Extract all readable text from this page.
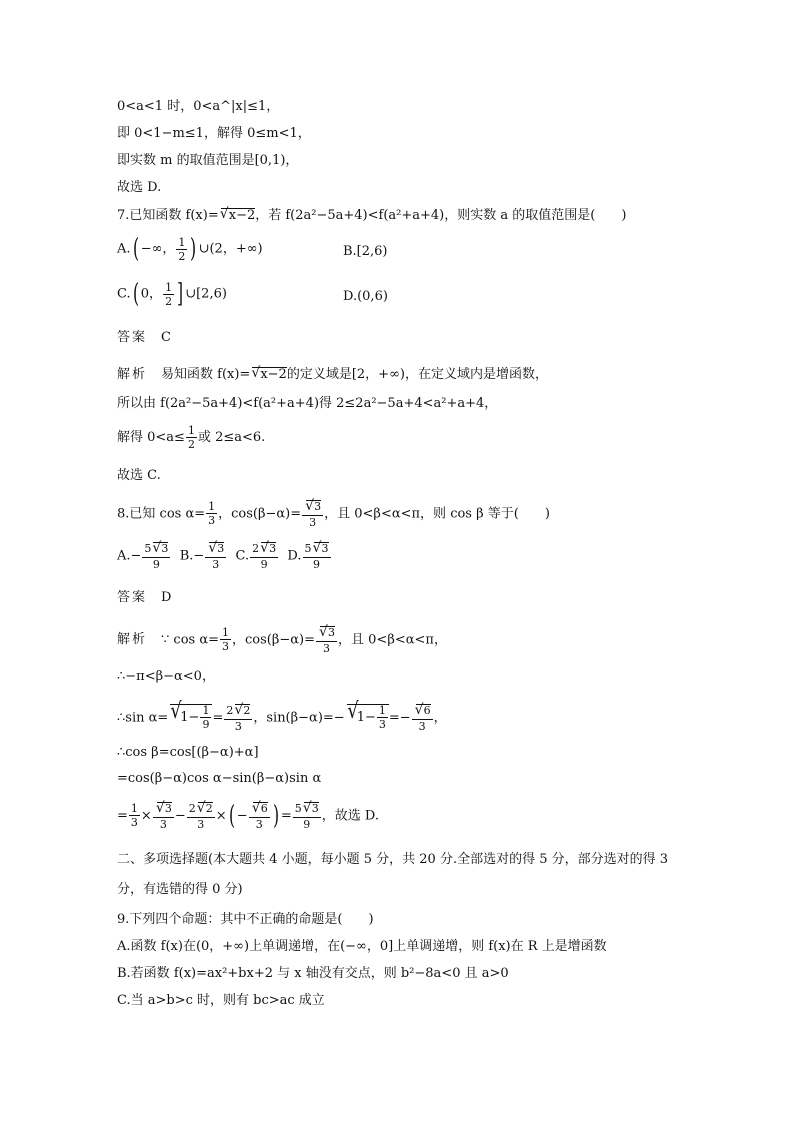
0<a<1 时，0<a^|x|≤1，
即 0<1−m≤1，解得 0≤m<1，
即实数 m 的取值范围是[0,1)，
故选 D.
7.已知函数 f(x)= √ x−2，若 f(2a²−5a+4)<f(a²+a+4)，则实数 a 的取值范围是(　　)
A.( −∞， $\frac{1}{2}$ ) ∪(2，+∞)	B.[2,6)
C.( 0， $\frac{1}{2}$ ] ∪[2,6)	D.(0,6)
答案 C
解析 易知函数 f(x)= √ x−2的定义域是[2，+∞)，在定义域内是增函数，
所以由 f(2a²−5a+4)<f(a²+a+4)得 2≤2a²−5a+4<a²+a+4，
解得 $0<a\le \frac{1}{2}$ 或 2≤a<6.
故选 C.
8.已知 $\cos \alpha= \frac{1}{3}$ ，cos(β−α)= √ $\frac{3}{3}$ ，且 0<β<α<π，则 cos β 等于(　　)
$A.- \frac{5 √ 3}{9} B.-$ √ $\frac{3}{3} C$. $\frac{2 √ 3}{9} D$. $\frac{5 √ 3}{9}$
答案 D
解析 ∵ $\cos \alpha= \frac{1}{3}$ ，cos(β−α)= √ $\frac{3}{3}$ ，且 0<β<α<π，
∴−π<β−α<0，
∴sin α= √ $1- \frac{1}{9} = \frac{2 √ 2}{3}$ ，sin(β−α)=− √ $1- \frac{1}{3}$ =− √ $\frac{6}{3}$ ，
∴cos β=cos[(β−α)+α]
=cos(β−α)cos α−sin(β−α)sin α
= $\frac{1}{3}$ × √ $\frac{3}{3} - \frac{2 √ 2}{3}$ ×( − √ $\frac{6}{3}$ ) = $\frac{5 √ 3}{9}$ ，故选 D.
二、多项选择题(本大题共 4 小题，每小题 5 分，共 20 分.全部选对的得 5 分，部分选对的得 3
分，有选错的得 0 分)
9.下列四个命题：其中不正确的命题是(　　)
A.函数 f(x)在(0，+∞)上单调递增，在(−∞，0]上单调递增，则 f(x)在 R 上是增函数
B.若函数 f(x)=ax²+bx+2 与 x 轴没有交点，则 b²−8a<0 且 a>0
C.当 a>b>c 时，则有 bc>ac 成立
